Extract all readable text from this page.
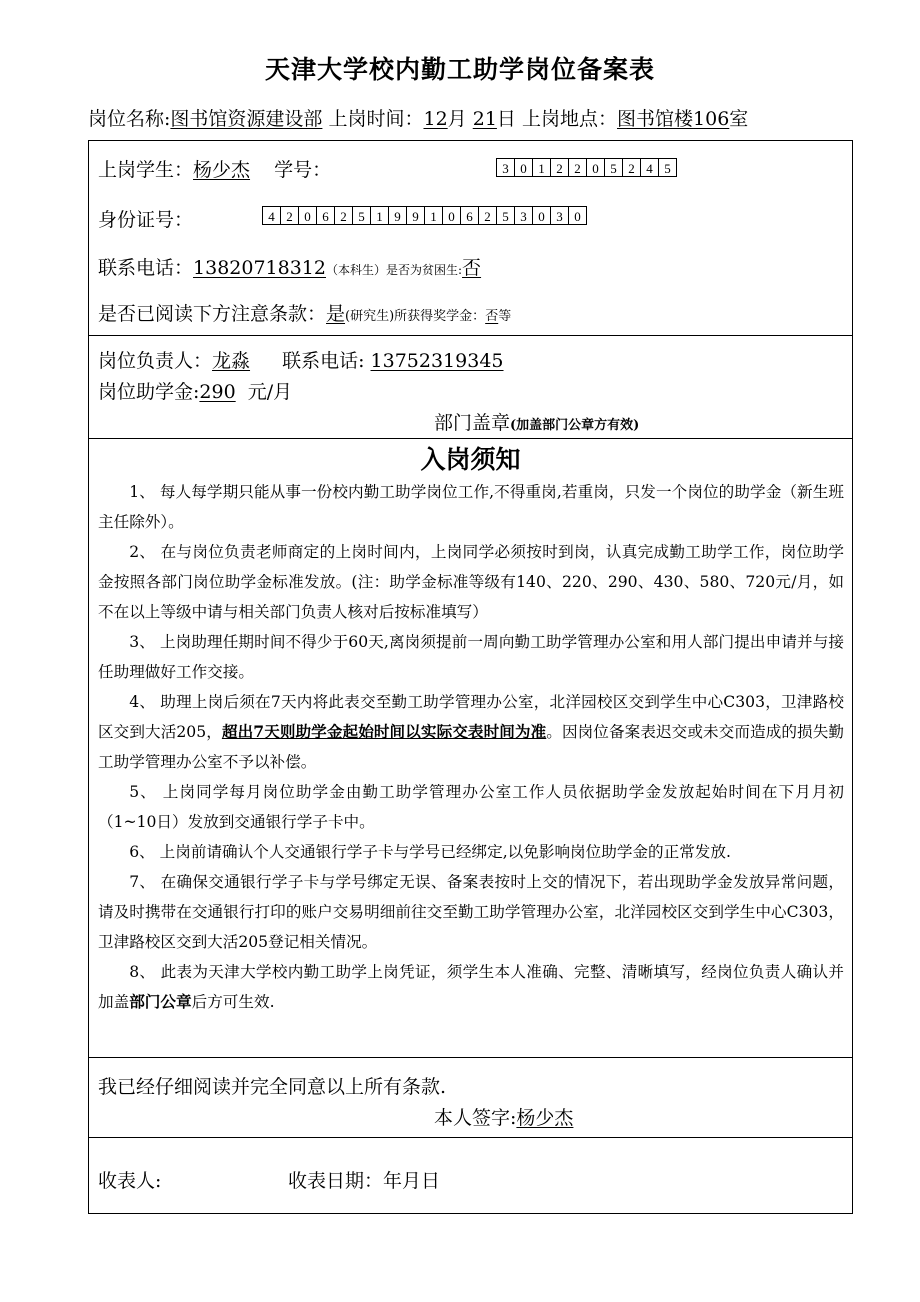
天津大学校内勤工助学岗位备案表
岗位名称:图书馆资源建设部 上岗时间：12月 21日 上岗地点：图书馆楼106室
上岗学生：杨少杰 学号：	3 0 1 2 2 0 5 2 4 5
身份证号：	4 2 0 6 2 5 1 9 9 1 0 6 2 5 3 0 3 0
联系电话：13820718312（本科生）是否为贫困生:否
是否已阅读下方注意条款：是(研究生)所获得奖学金：否等
岗位负责人：龙淼 联系电话: 13752319345
岗位助学金:290 元/月
部门盖章(加盖部门公章方有效)
入岗须知

1、 每人每学期只能从事一份校内勤工助学岗位工作,不得重岗,若重岗，只发一个岗位的助学金（新生班主任除外）。

2、 在与岗位负责老师商定的上岗时间内，上岗同学必须按时到岗，认真完成勤工助学工作，岗位助学金按照各部门岗位助学金标准发放。(注：助学金标准等级有140、220、290、430、580、720元/月，如不在以上等级中请与相关部门负责人核对后按标准填写）

3、 上岗助理任期时间不得少于60天,离岗须提前一周向勤工助学管理办公室和用人部门提出申请并与接任助理做好工作交接。

4、 助理上岗后须在7天内将此表交至勤工助学管理办公室，北洋园校区交到学生中心C303，卫津路校区交到大活205，超出7天则助学金起始时间以实际交表时间为准。因岗位备案表迟交或未交而造成的损失勤工助学管理办公室不予以补偿。

5、 上岗同学每月岗位助学金由勤工助学管理办公室工作人员依据助学金发放起始时间在下月月初（1~10日）发放到交通银行学子卡中。

6、 上岗前请确认个人交通银行学子卡与学号已经绑定,以免影响岗位助学金的正常发放.

7、 在确保交通银行学子卡与学号绑定无误、备案表按时上交的情况下，若出现助学金发放异常问题，请及时携带在交通银行打印的账户交易明细前往交至勤工助学管理办公室，北洋园校区交到学生中心C303，卫津路校区交到大活205登记相关情况。

8、 此表为天津大学校内勤工助学上岗凭证，须学生本人准确、完整、清晰填写，经岗位负责人确认并加盖部门公章后方可生效.

我已经仔细阅读并完全同意以上所有条款.
本人签字:杨少杰
收表人:	收表日期：年月日
